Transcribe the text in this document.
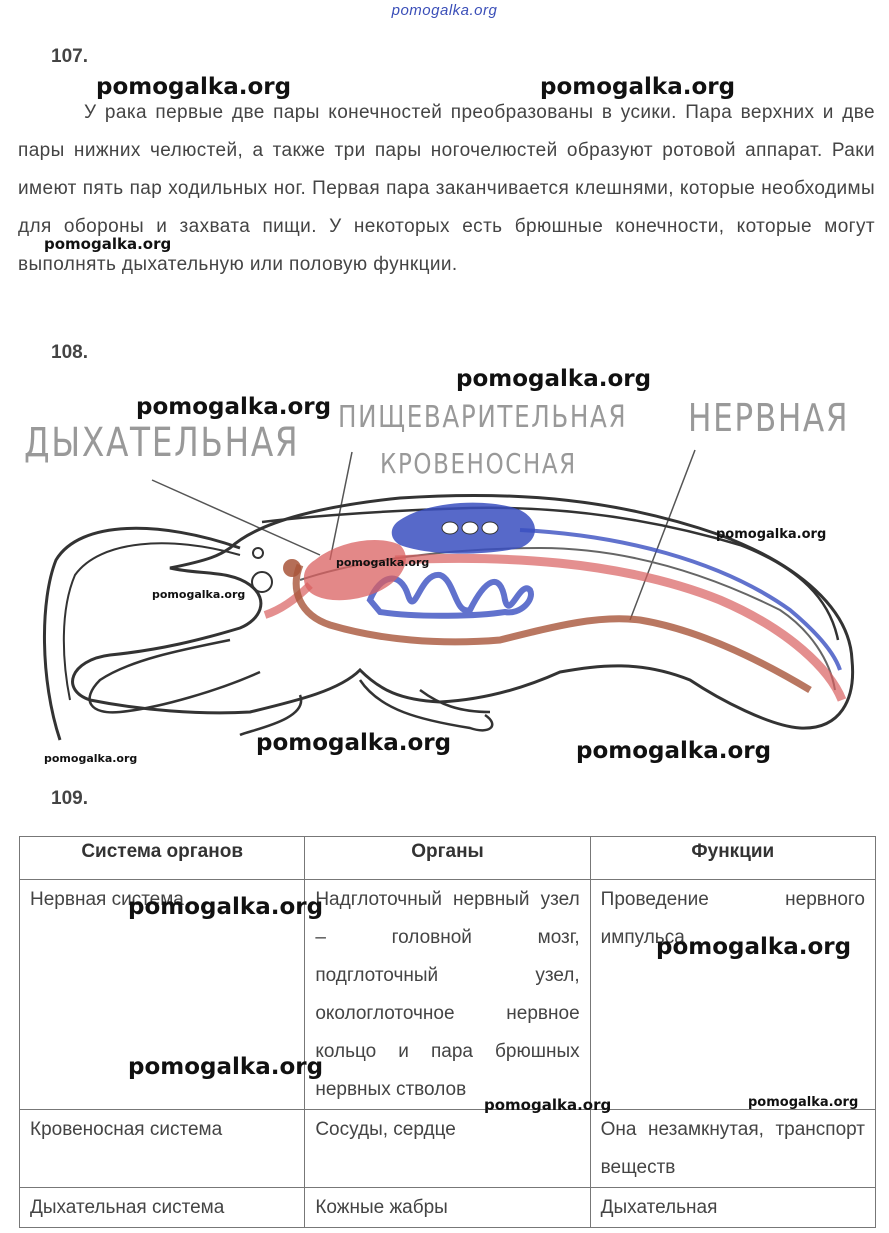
pomogalka.org
107.
У рака первые две пары конечностей преобразованы в усики. Пара верхних и две пары нижних челюстей, а также три пары ногочелюстей образуют ротовой аппарат. Раки имеют пять пар ходильных ног. Первая пара заканчивается клешнями, которые необходимы для обороны и захвата пищи. У некоторых есть брюшные конечности, которые могут выполнять дыхательную или половую функции.
108.
ДЫХАТЕЛЬНАЯ
ПИЩЕВАРИТЕЛЬНАЯ
КРОВЕНОСНАЯ
НЕРВНАЯ
109.
Система органов	Органы	Функции
Нервная система	Надглоточный нервный узел – головной мозг, подглоточный узел, окологлоточное нервное кольцо и пара брюшных нервных стволов	Проведение нервного импульса
Кровеносная система	Сосуды, сердце	Она незамкнутая, транспорт веществ
Дыхательная система	Кожные жабры	Дыхательная
pomogalka.org	pomogalka.org
pomogalka.org
pomogalka.org
pomogalka.org
pomogalka.org
pomogalka.org
pomogalka.org
pomogalka.org	pomogalka.org
pomogalka.org
pomogalka.org
pomogalka.org
pomogalka.org
pomogalka.org	pomogalka.org
